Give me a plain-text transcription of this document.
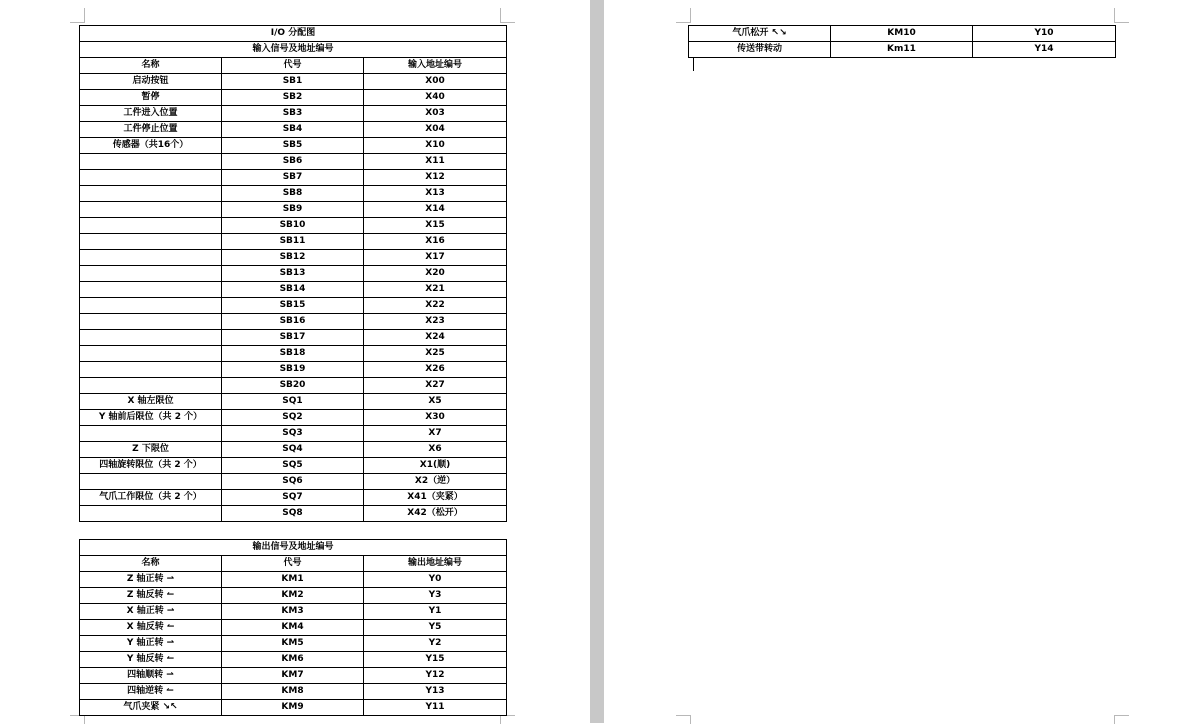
I/O 分配图		
输入信号及地址编号		
名称	代号	输入地址编号
启动按钮	SB1	X00
暂停	SB2	X40
工件进入位置	SB3	X03
工件停止位置	SB4	X04
传感器（共16个）	SB5	X10
	SB6	X11
	SB7	X12
	SB8	X13
	SB9	X14
	SB10	X15
	SB11	X16
	SB12	X17
	SB13	X20
	SB14	X21
	SB15	X22
	SB16	X23
	SB17	X24
	SB18	X25
	SB19	X26
	SB20	X27
X 轴左限位	SQ1	X5
Y 轴前后限位（共 2 个）	SQ2	X30
	SQ3	X7
Z 下限位	SQ4	X6
四轴旋转限位（共 2 个）	SQ5	X1(顺)
	SQ6	X2（逆）
气爪工作限位（共 2 个）	SQ7	X41（夹紧）
	SQ8	X42（松开）
输出信号及地址编号		
名称	代号	输出地址编号
Z 轴正转 ⇀	KM1	Y0
Z 轴反转 ↼	KM2	Y3
X 轴正转 ⇀	KM3	Y1
X 轴反转 ↼	KM4	Y5
Y 轴正转 ⇀	KM5	Y2
Y 轴反转 ↼	KM6	Y15
四轴顺转 ⇀	KM7	Y12
四轴逆转 ↼	KM8	Y13
气爪夹紧 ↘↖	KM9	Y11
气爪松开 ↖↘	KM10	Y10
传送带转动	Km11	Y14
